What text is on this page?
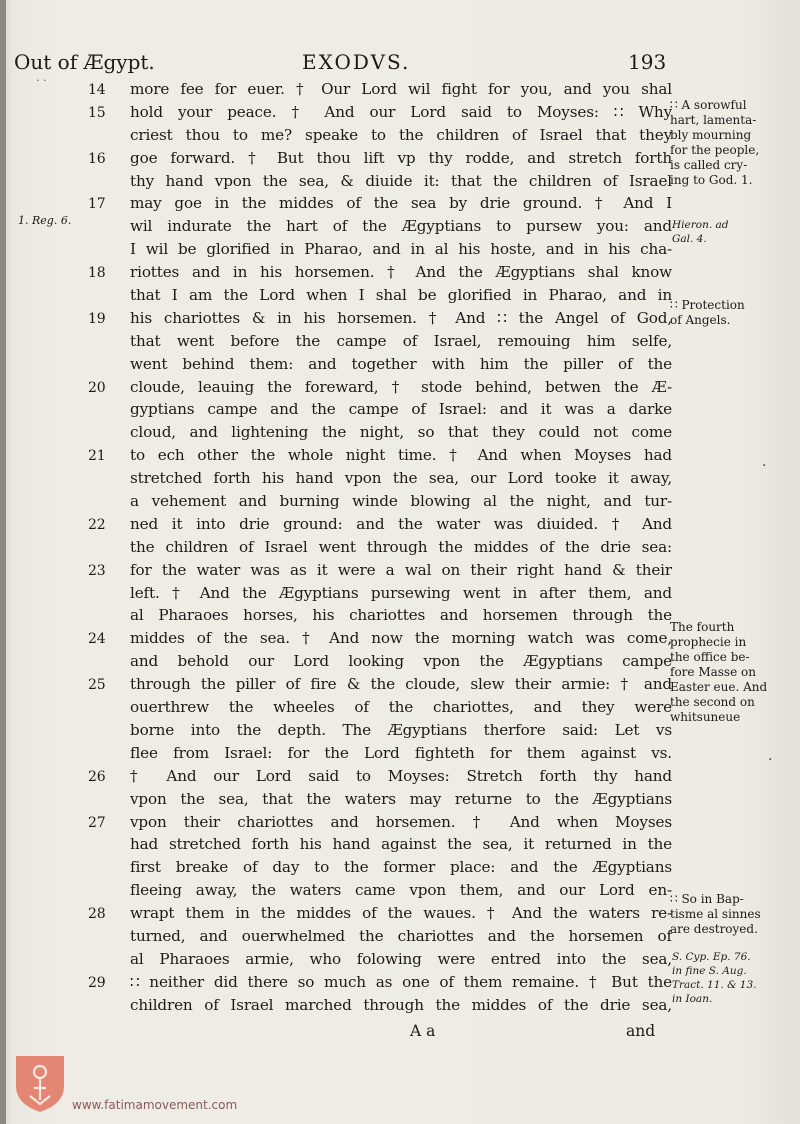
Out of Ægypt.	EXODVS.	193
· ·
1. Reg. 6.
14 more fee for euer. † Our Lord wil fight for you, and you shal
15 hold your peace. † And our Lord said to Moyses: ∷ Why
criest thou to me? speake to the children of Israel that they
16 goe forward. † But thou lift vp thy rodde, and stretch forth
thy hand vpon the sea, & diuide it: that the children of Israel
17 may goe in the middes of the sea by drie ground. † And I
wil indurate the hart of the Ægyptians to pursew you: and
I wil be glorified in Pharao, and in al his hoste, and in his cha-
18 riottes and in his horsemen. † And the Ægyptians shal know
that I am the Lord when I shal be glorified in Pharao, and in
19 his chariottes & in his horsemen. † And ∷ the Angel of God,
that went before the campe of Israel, remouing him selfe,
went behind them: and together with him the piller of the
20 cloude, leauing the foreward, † stode behind, betwen the Æ-
gyptians campe and the campe of Israel: and it was a darke
cloud, and lightening the night, so that they could not come
21 to ech other the whole night time. † And when Moyses had
stretched forth his hand vpon the sea, our Lord tooke it away,
a vehement and burning winde blowing al the night, and tur-
22 ned it into drie ground: and the water was diuided. † And
the children of Israel went through the middes of the drie sea:
23 for the water was as it were a wal on their right hand & their
left. † And the Ægyptians pursewing went in after them, and
al Pharaoes horses, his chariottes and horsemen through the
24 middes of the sea. † And now the morning watch was come,
and behold our Lord looking vpon the Ægyptians campe
25 through the piller of fire & the cloude, slew their armie: † and
ouerthrew the wheeles of the chariottes, and they were
borne into the depth. The Ægyptians therfore said: Let vs
flee from Israel: for the Lord fighteth for them against vs.
26 † And our Lord said to Moyses: Stretch forth thy hand
vpon the sea, that the waters may returne to the Ægyptians
27 vpon their chariottes and horsemen. † And when Moyses
had stretched forth his hand against the sea, it returned in the
first breake of day to the former place: and the Ægyptians
fleeing away, the waters came vpon them, and our Lord en-
28 wrapt them in the middes of the waues. † And the waters re-
turned, and ouerwhelmed the chariottes and the horsemen of
al Pharaoes armie, who folowing were entred into the sea,
29 ∷ neither did there so much as one of them remaine. † But the
children of Israel marched through the middes of the drie sea,
∷ A sorowful
hart, lamenta-
bly mourning
for the people,
is called cry-
ing to God. 1.
Hieron. ad Gal. 4.
∷ Protection
of Angels.
The fourth
prophecie in
the office be-
fore Masse on
Easter eue. And
the second on
whitsuneue
∷ So in Bap-
tisme al sinnes
are destroyed.
S. Cyp. Ep. 76.
in fine S. Aug.
Tract. 11. & 13.
in Ioan.
·
·
A a	and
www.fatimamovement.com
